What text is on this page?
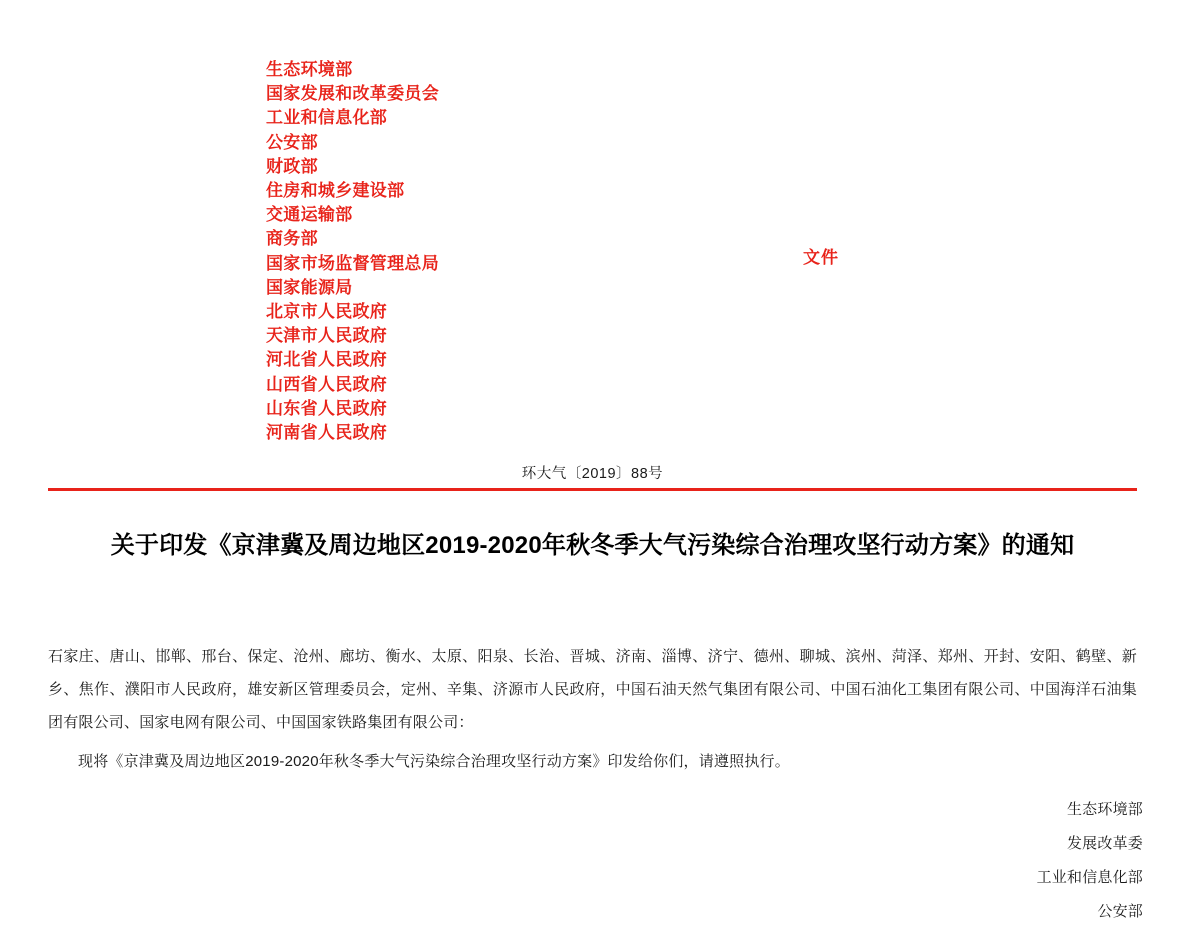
生态环境部
国家发展和改革委员会
工业和信息化部
公安部
财政部
住房和城乡建设部
交通运输部
商务部
国家市场监督管理总局
国家能源局
北京市人民政府
天津市人民政府
河北省人民政府
山西省人民政府
山东省人民政府
河南省人民政府
文件
环大气〔2019〕88号
关于印发《京津冀及周边地区2019-2020年秋冬季大气污染综合治理攻坚行动方案》的通知
石家庄、唐山、邯郸、邢台、保定、沧州、廊坊、衡水、太原、阳泉、长治、晋城、济南、淄博、济宁、德州、聊城、滨州、菏泽、郑州、开封、安阳、鹤壁、新乡、焦作、濮阳市人民政府，雄安新区管理委员会，定州、辛集、济源市人民政府，中国石油天然气集团有限公司、中国石油化工集团有限公司、中国海洋石油集团有限公司、国家电网有限公司、中国国家铁路集团有限公司：
现将《京津冀及周边地区2019-2020年秋冬季大气污染综合治理攻坚行动方案》印发给你们，请遵照执行。
生态环境部
发展改革委
工业和信息化部
公安部
